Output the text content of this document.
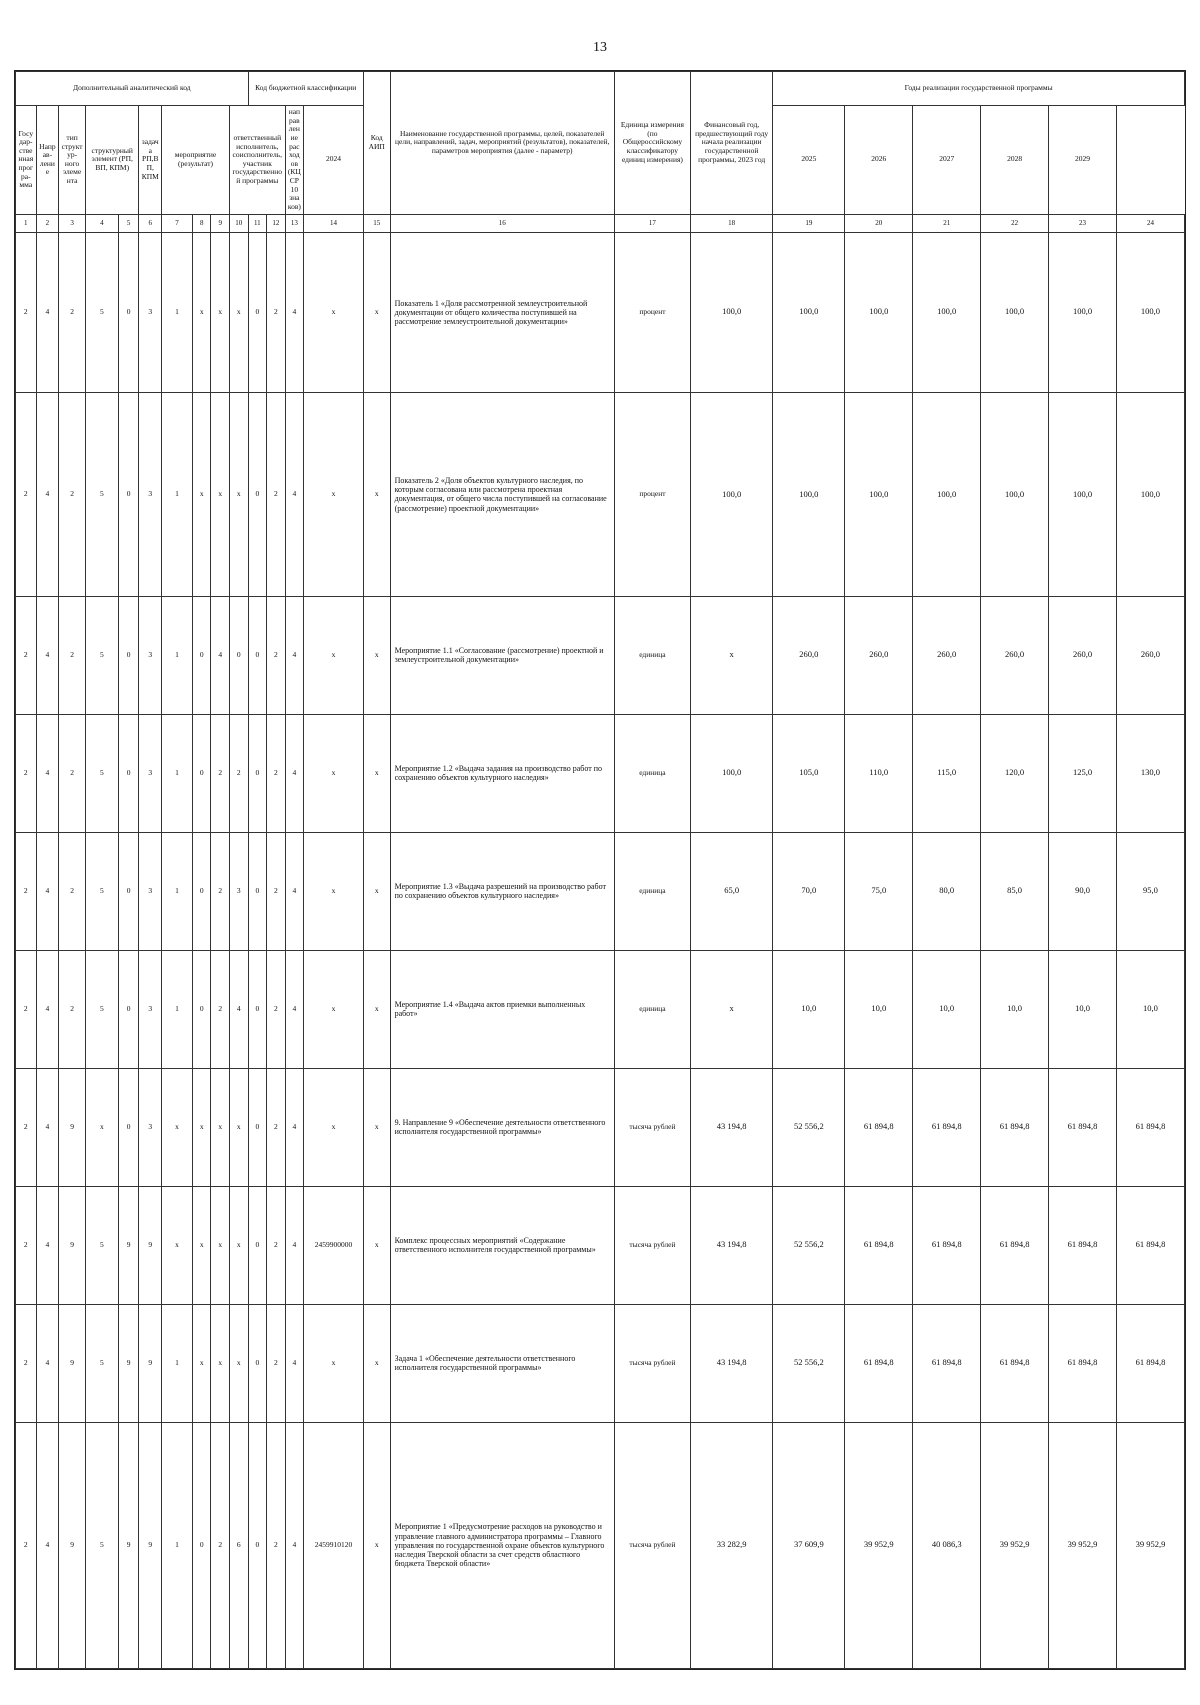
13
Дополнительный аналитический код										Код бюджетной классификации				Код АИП	Наименование государственной программы, целей, показателей цели, направлений, задач, мероприятий (результатов), показателей, параметров мероприятия (далее - параметр)	Единица измерения (по Общероссийскому классификатору единиц измерения)	Финансовый год, предшествующий году начала реализации государственной программы, 2023 год	Годы реализации государственной программы					
Государ-ственная програ-мма	Направ-ление	тип структур-ного элемента	структурный элемент (РП, ВП, КПМ)		задача РП,ВП, КПМ	мероприятие (результат)			ответственный исполнитель, соисполнитель, участник государственной программы			направление расходов (КЦСР 10 знаков)	2024					2025	2026	2027	2028	2029	
1	2	3	4	5	6	7	8	9	10	11	12	13	14	15	16	17	18	19	20	21	22	23	24
2	4	2	5	0	3	1	х	х	х	0	2	4	х	х	Показатель 1 «Доля рассмотренной землеустроительной документации от общего количества поступившей на рассмотрение землеустроительной документации»	процент	100,0	100,0	100,0	100,0	100,0	100,0	100,0
2	4	2	5	0	3	1	х	х	х	0	2	4	х	х	Показатель 2 «Доля объектов культурного наследия, по которым согласована или рассмотрена проектная документация, от общего числа поступившей на согласование (рассмотрение) проектной документации»	процент	100,0	100,0	100,0	100,0	100,0	100,0	100,0
2	4	2	5	0	3	1	0	4	0	0	2	4	х	х	Мероприятие 1.1 «Согласование (рассмотрение) проектной и землеустроительной документации»	единица	х	260,0	260,0	260,0	260,0	260,0	260,0
2	4	2	5	0	3	1	0	2	2	0	2	4	х	х	Мероприятие 1.2 «Выдача задания на производство работ по сохранению объектов культурного наследия»	единица	100,0	105,0	110,0	115,0	120,0	125,0	130,0
2	4	2	5	0	3	1	0	2	3	0	2	4	х	х	Мероприятие 1.3 «Выдача разрешений на производство работ по сохранению объектов культурного наследия»	единица	65,0	70,0	75,0	80,0	85,0	90,0	95,0
2	4	2	5	0	3	1	0	2	4	0	2	4	х	х	Мероприятие 1.4 «Выдача актов приемки выполненных работ»	единица	х	10,0	10,0	10,0	10,0	10,0	10,0
2	4	9	х	0	3	х	х	х	х	0	2	4	х	х	9. Направление 9 «Обеспечение деятельности ответственного исполнителя государственной программы»	тысяча рублей	43 194,8	52 556,2	61 894,8	61 894,8	61 894,8	61 894,8	61 894,8
2	4	9	5	9	9	х	х	х	х	0	2	4	2459900000	х	Комплекс процессных мероприятий «Содержание ответственного исполнителя государственной программы»	тысяча рублей	43 194,8	52 556,2	61 894,8	61 894,8	61 894,8	61 894,8	61 894,8
2	4	9	5	9	9	1	х	х	х	0	2	4	х	х	Задача 1 «Обеспечение деятельности ответственного исполнителя государственной программы»	тысяча рублей	43 194,8	52 556,2	61 894,8	61 894,8	61 894,8	61 894,8	61 894,8
2	4	9	5	9	9	1	0	2	6	0	2	4	2459910120	х	Мероприятие 1 «Предусмотрение расходов на руководство и управление главного администратора программы – Главного управления по государственной охране объектов культурного наследия Тверской области за счет средств областного бюджета Тверской области»	тысяча рублей	33 282,9	37 609,9	39 952,9	40 086,3	39 952,9	39 952,9	39 952,9
